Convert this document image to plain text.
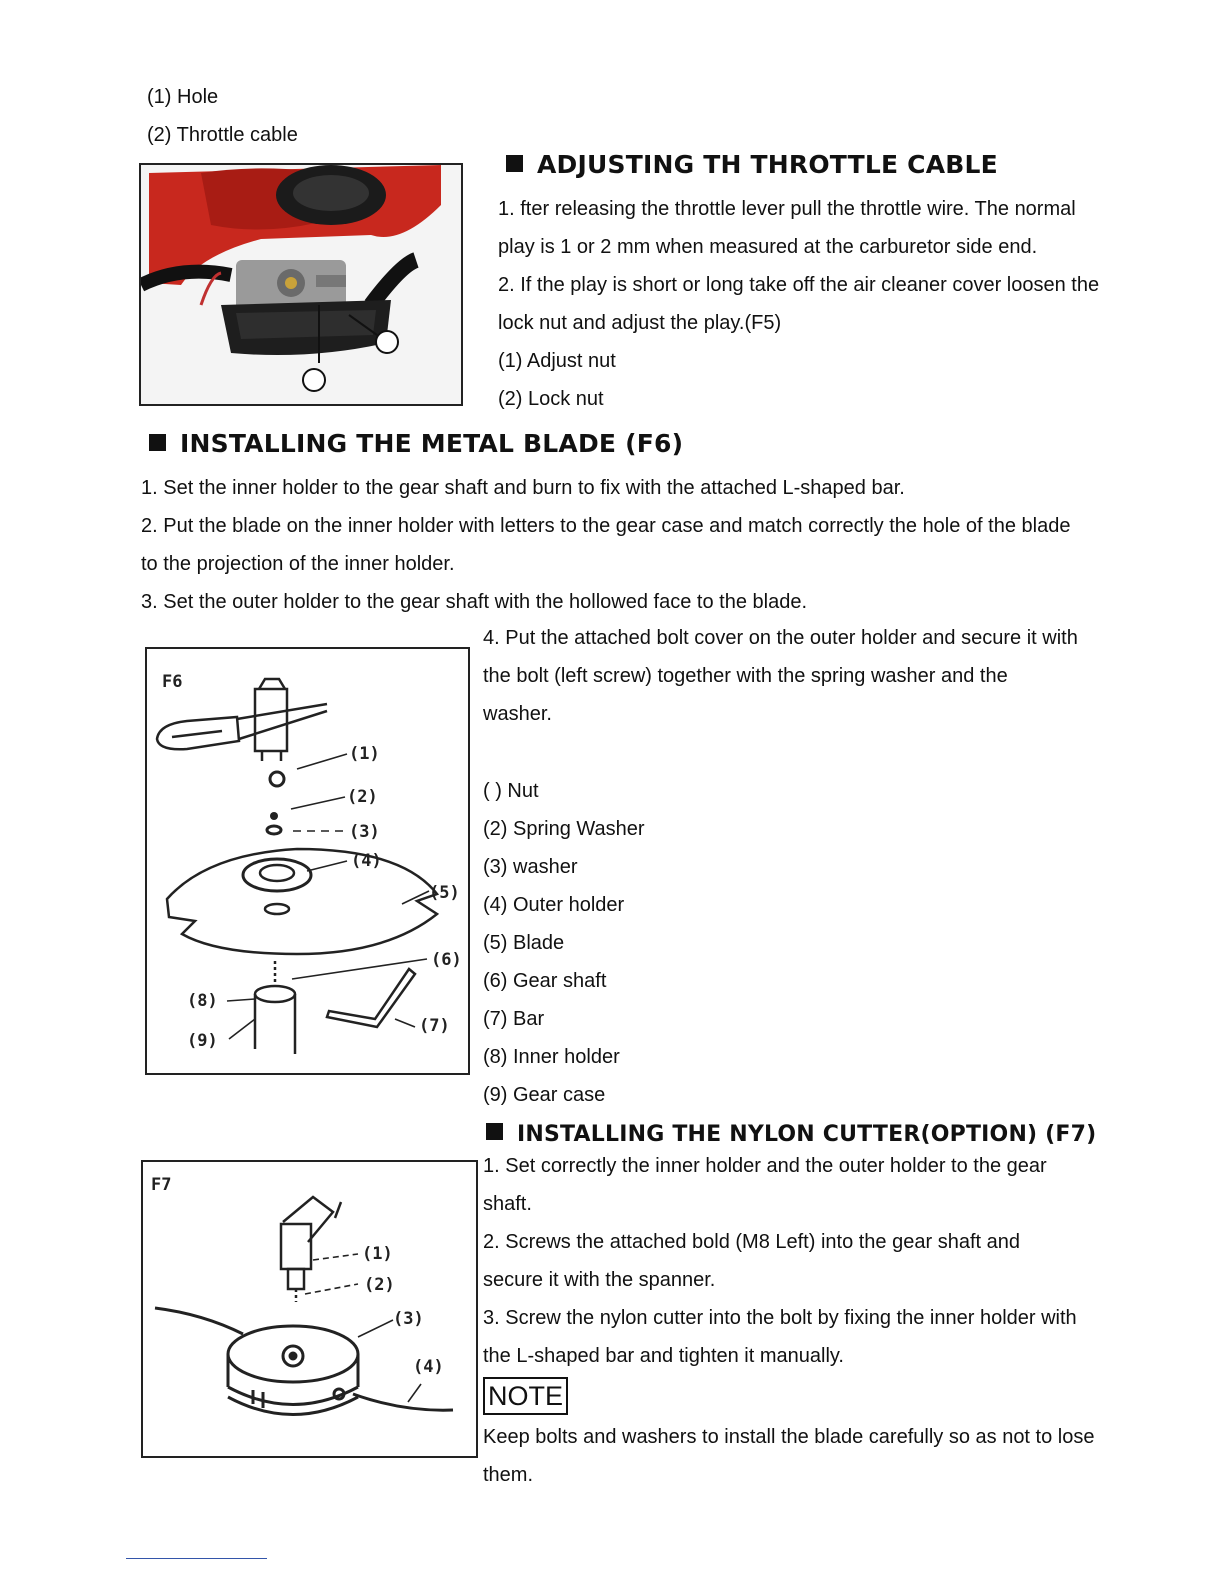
(1) Hole
(2) Throttle cable
ADJUSTING TH THROTTLE CABLE
1. fter releasing the throttle lever pull the throttle wire. The normal
play is 1 or 2 mm when measured at the carburetor side end.
2. If the play is short or long take off the air cleaner cover loosen the
lock nut and adjust the play.(F5)
(1) Adjust nut
(2) Lock nut
INSTALLING THE METAL BLADE (F6)
1. Set the inner holder to the gear shaft and burn to fix with the attached L-shaped bar.
2. Put the blade on the inner holder with letters to the gear case and match correctly the hole of the blade
to the projection of the inner holder.
3. Set the outer holder to the gear shaft with the hollowed face to the blade.
4. Put the attached bolt cover on the outer holder and secure it with
the bolt (left screw) together with the spring washer and the
washer.
( ) Nut
(2) Spring Washer
(3) washer
(4) Outer holder
(5) Blade
(6) Gear shaft
(7) Bar
(8) Inner holder
(9) Gear case
F6
(1)
(2)
(3)
(4)
(5)
(6)
(7)
(8)
(9)
INSTALLING THE NYLON CUTTER(OPTION) (F7)
1. Set correctly the inner holder and the outer holder to the gear
shaft.
2. Screws the attached bold (M8 Left) into the gear shaft and
secure it with the spanner.
3. Screw the nylon cutter into the bolt by fixing the inner holder with
the L-shaped bar and tighten it manually.
NOTE
Keep bolts and washers to install the blade carefully so as not to lose
them.
F7
(1)
(2)
(3)
(4)
